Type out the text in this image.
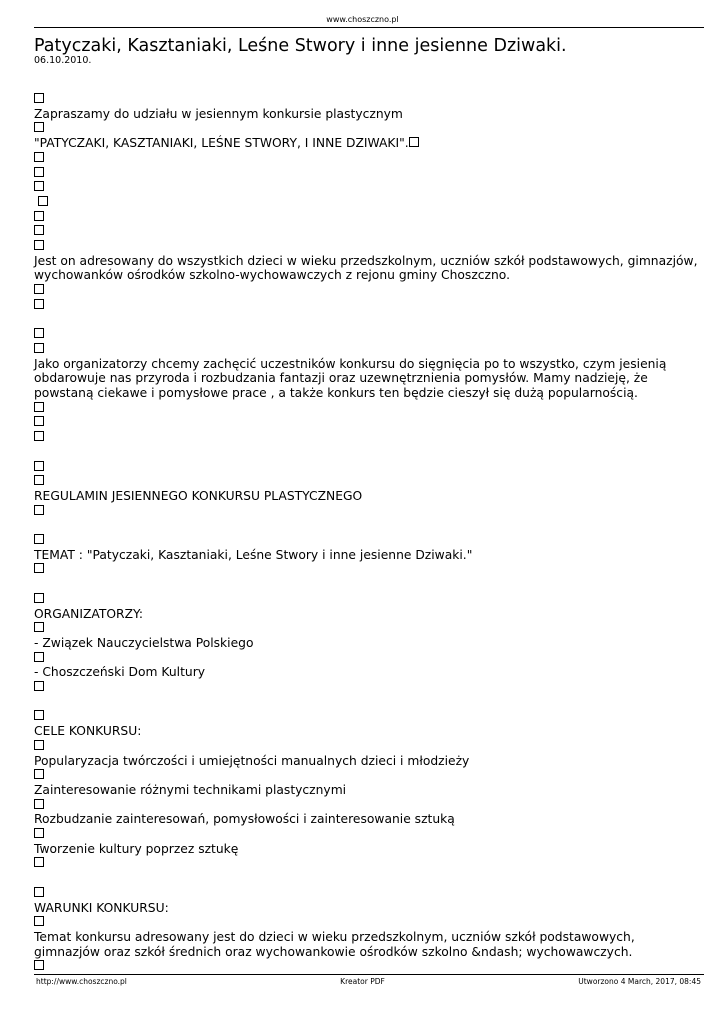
www.choszczno.pl
Patyczaki, Kasztaniaki, Leśne Stwory i inne jesienne Dziwaki.
06.10.2010.
Zapraszamy do udziału w jesiennym konkursie plastycznym
"PATYCZAKI, KASZTANIAKI, LEŚNE STWORY, I INNE DZIWAKI".

Jest on adresowany do wszystkich dzieci w wieku przedszkolnym, uczniów szkół podstawowych, gimnazjów, wychowanków ośrodków szkolno-wychowawczych z rejonu gminy Choszczno.
Jako organizatorzy chcemy zachęcić uczestników konkursu do sięgnięcia po to wszystko, czym jesienią obdarowuje nas przyroda i rozbudzania fantazji oraz uzewnętrznienia pomysłów. Mamy nadzieję, że powstaną ciekawe i pomysłowe prace , a także konkurs ten będzie cieszył się dużą popularnością.
REGULAMIN JESIENNEGO KONKURSU PLASTYCZNEGO
TEMAT : "Patyczaki, Kasztaniaki, Leśne Stwory i inne jesienne Dziwaki."
ORGANIZATORZY:
- Związek Nauczycielstwa Polskiego
- Choszczeński Dom Kultury
CELE KONKURSU:
Popularyzacja twórczości i umiejętności manualnych dzieci i młodzieży
Zainteresowanie różnymi technikami plastycznymi
Rozbudzanie zainteresowań, pomysłowości i zainteresowanie sztuką
Tworzenie kultury poprzez sztukę
WARUNKI KONKURSU:
Temat konkursu adresowany jest do dzieci w wieku przedszkolnym, uczniów szkół podstawowych, gimnazjów oraz szkół średnich oraz wychowankowie ośrodków szkolno &ndash; wychowawczych.
http://www.choszczno.pl	Kreator PDF	Utworzono 4 March, 2017, 08:45
